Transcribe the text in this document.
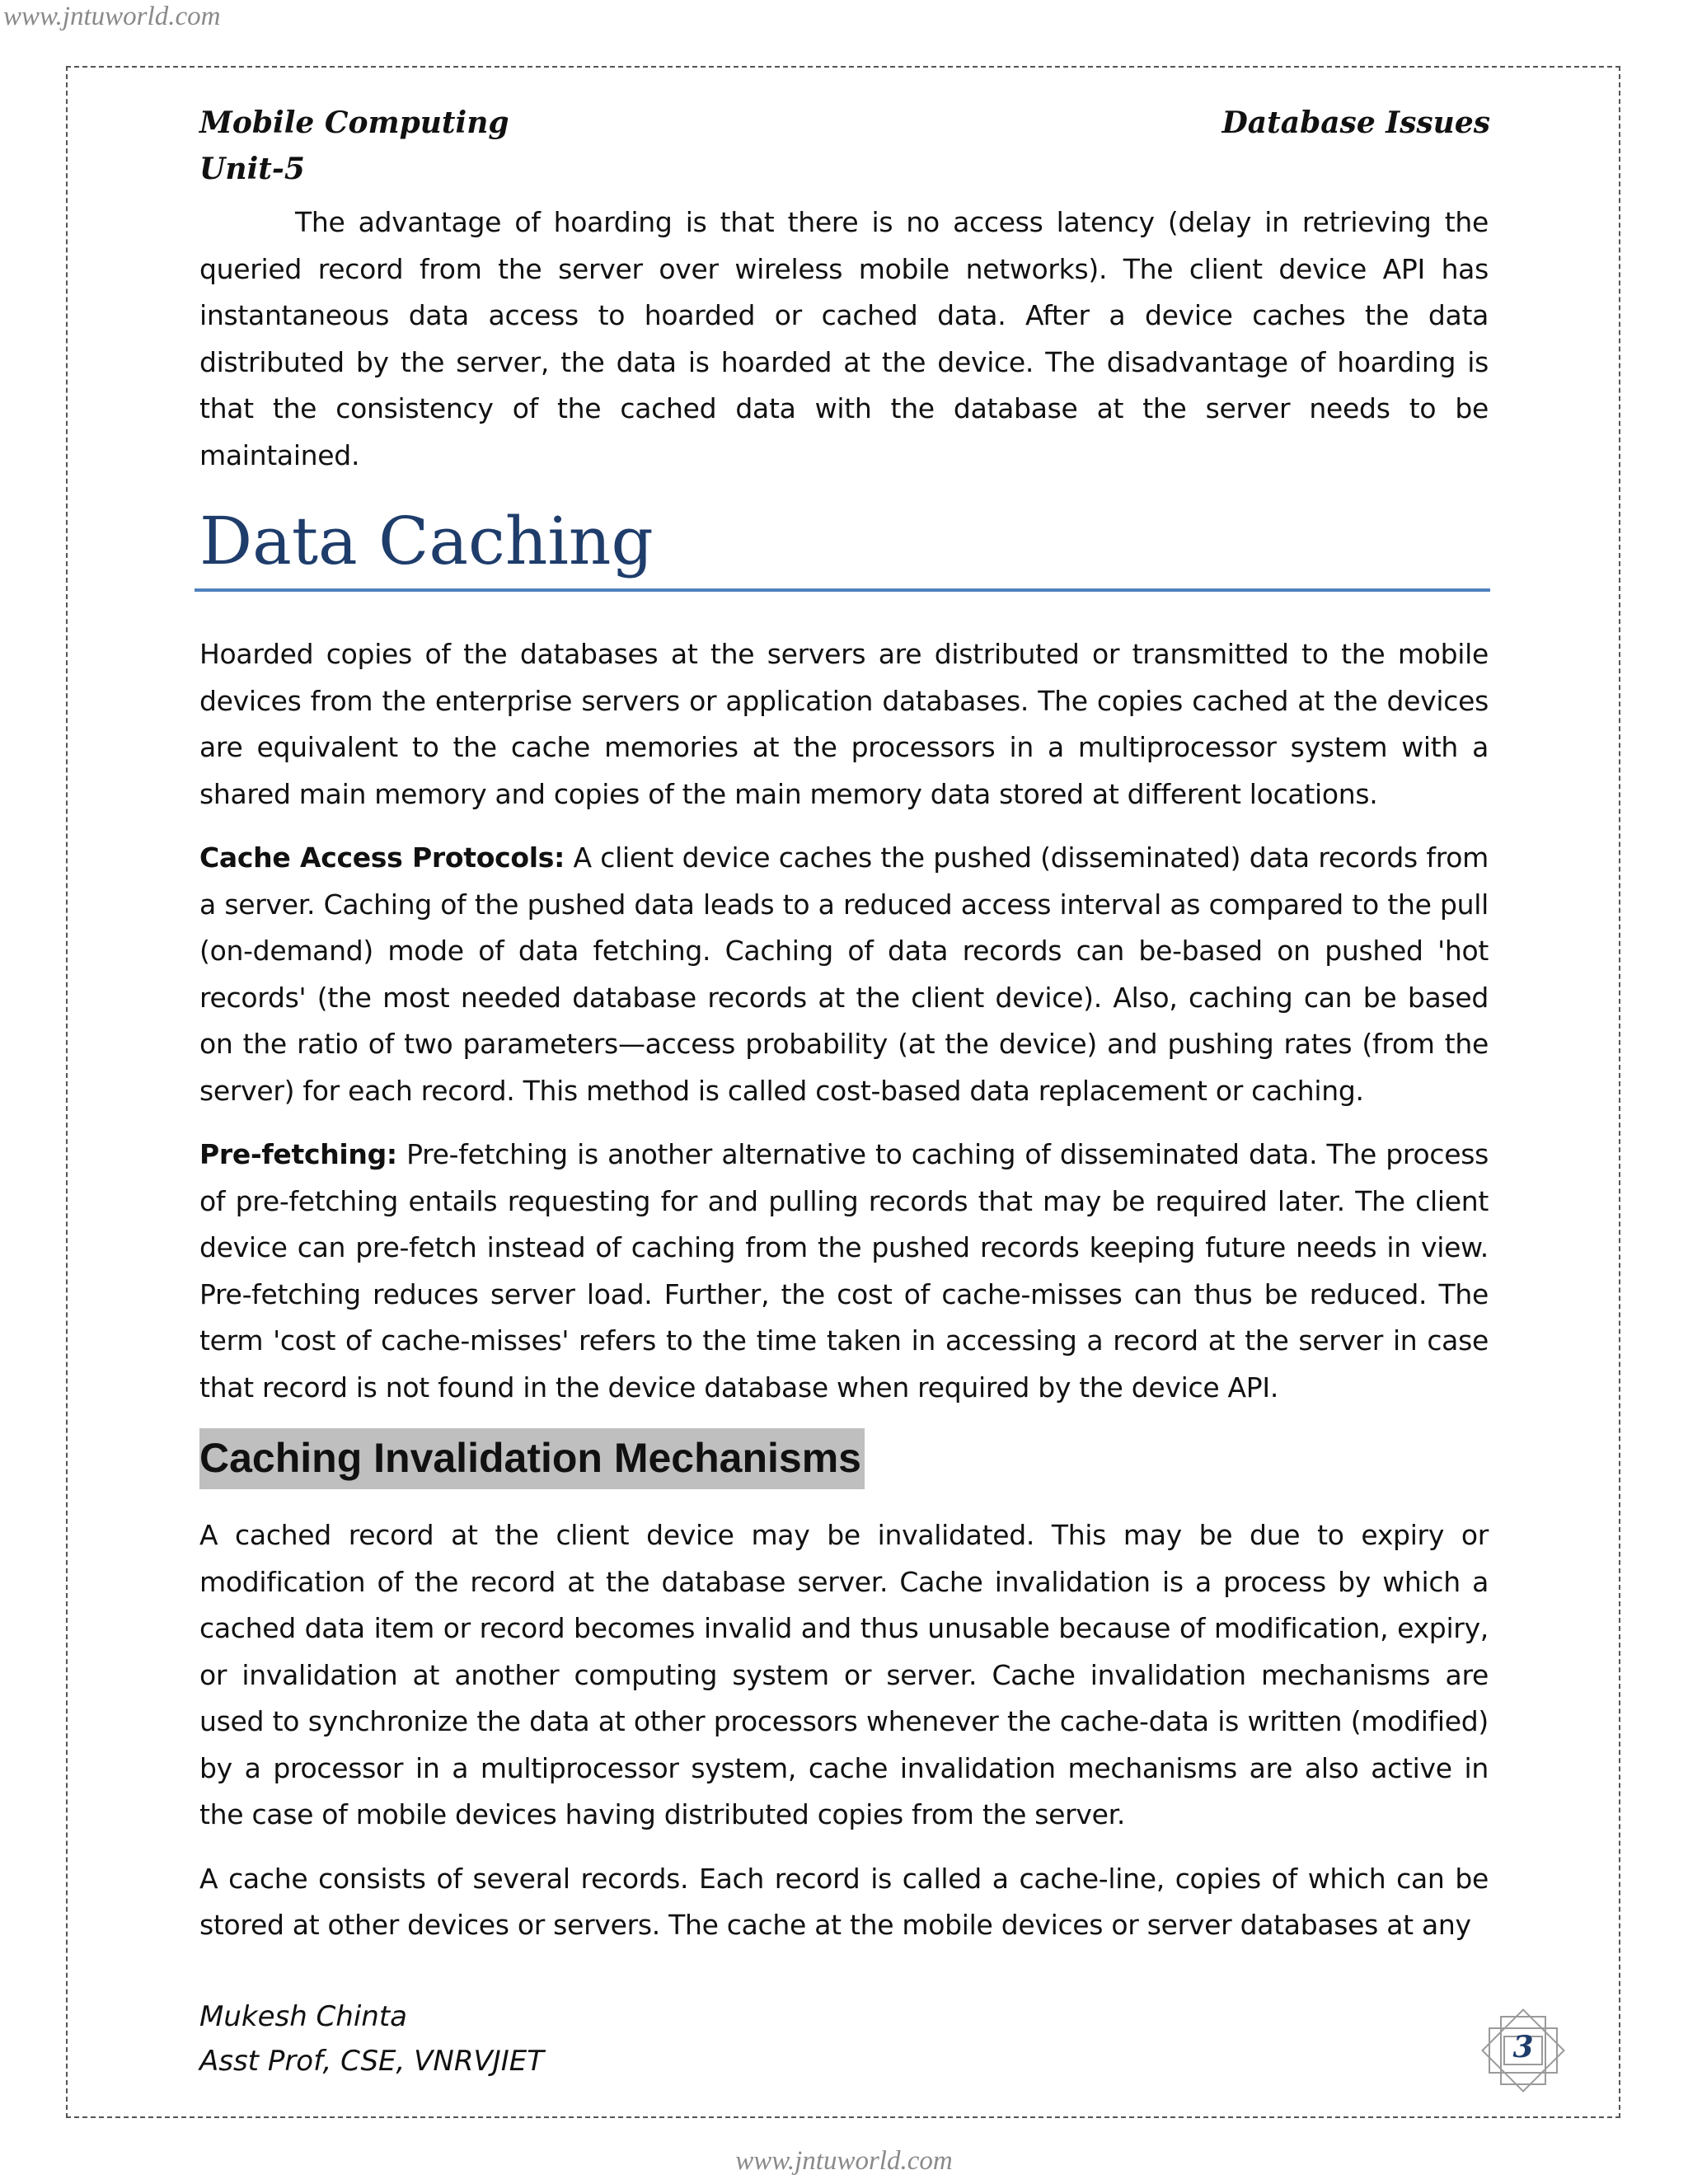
www.jntuworld.com
Mobile Computing
Unit-5
Database Issues

The advantage of hoarding is that there is no access latency (delay in retrieving the queried record from the server over wireless mobile networks). The client device API has instantaneous data access to hoarded or cached data. After a device caches the data distributed by the server, the data is hoarded at the device. The disadvantage of hoarding is that the consistency of the cached data with the database at the server needs to be maintained.

Data Caching

Hoarded copies of the databases at the servers are distributed or transmitted to the mobile devices from the enterprise servers or application databases. The copies cached at the devices are equivalent to the cache memories at the processors in a multiprocessor system with a shared main memory and copies of the main memory data stored at different locations.

Cache Access Protocols: A client device caches the pushed (disseminated) data records from a server. Caching of the pushed data leads to a reduced access interval as compared to the pull (on-demand) mode of data fetching. Caching of data records can be-based on pushed 'hot records' (the most needed database records at the client device). Also, caching can be based on the ratio of two parameters—access probability (at the device) and pushing rates (from the server) for each record. This method is called cost-based data replacement or caching.

Pre-fetching: Pre-fetching is another alternative to caching of disseminated data. The process of pre-fetching entails requesting for and pulling records that may be required later. The client device can pre-fetch instead of caching from the pushed records keeping future needs in view. Pre-fetching reduces server load. Further, the cost of cache-misses can thus be reduced. The term 'cost of cache-misses' refers to the time taken in accessing a record at the server in case that record is not found in the device database when required by the device API.

Caching Invalidation Mechanisms

A cached record at the client device may be invalidated. This may be due to expiry or modification of the record at the database server. Cache invalidation is a process by which a cached data item or record becomes invalid and thus unusable because of modification, expiry, or invalidation at another computing system or server. Cache invalidation mechanisms are used to synchronize the data at other processors whenever the cache-data is written (modified) by a processor in a multiprocessor system, cache invalidation mechanisms are also active in the case of mobile devices having distributed copies from the server.

A cache consists of several records. Each record is called a cache-line, copies of which can be stored at other devices or servers. The cache at the mobile devices or server databases at any

Mukesh Chinta
Asst Prof, CSE, VNRVJIET	3
www.jntuworld.com
